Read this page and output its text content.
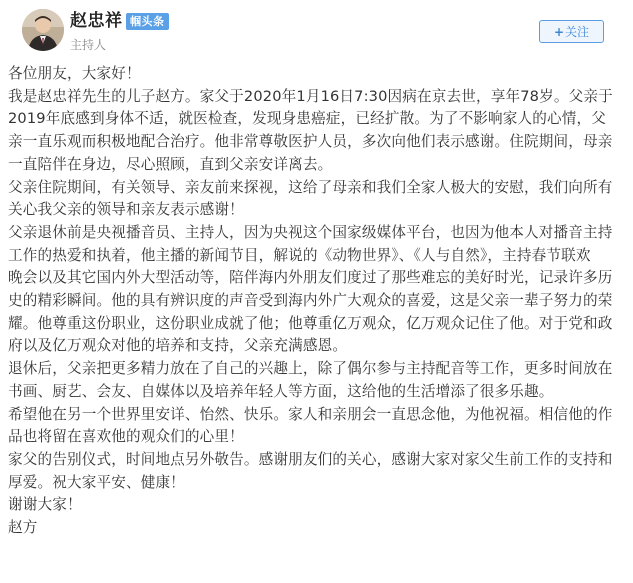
赵忠祥 帼头条
主持人
+关注

各位朋友，大家好！

我是赵忠祥先生的儿子赵方。家父于2020年1月16日7:30因病在京去世，享年78岁。父亲于

2019年底感到身体不适，就医检查，发现身患癌症，已经扩散。为了不影响家人的心情，父

亲一直乐观而积极地配合治疗。他非常尊敬医护人员，多次向他们表示感谢。住院期间，母亲

一直陪伴在身边，尽心照顾，直到父亲安详离去。

父亲住院期间，有关领导、亲友前来探视，这给了母亲和我们全家人极大的安慰，我们向所有

关心我父亲的领导和亲友表示感谢！

父亲退休前是央视播音员、主持人，因为央视这个国家级媒体平台，也因为他本人对播音主持

工作的热爱和执着，他主播的新闻节目，解说的《动物世界》、《人与自然》，主持春节联欢

晚会以及其它国内外大型活动等，陪伴海内外朋友们度过了那些难忘的美好时光，记录许多历

史的精彩瞬间。他的具有辨识度的声音受到海内外广大观众的喜爱，这是父亲一辈子努力的荣

耀。他尊重这份职业，这份职业成就了他；他尊重亿万观众，亿万观众记住了他。对于党和政

府以及亿万观众对他的培养和支持，父亲充满感恩。

退休后，父亲把更多精力放在了自己的兴趣上，除了偶尔参与主持配音等工作，更多时间放在

书画、厨艺、会友、自媒体以及培养年轻人等方面，这给他的生活增添了很多乐趣。

希望他在另一个世界里安详、怡然、快乐。家人和亲朋会一直思念他，为他祝福。相信他的作

品也将留在喜欢他的观众们的心里！

家父的告别仪式，时间地点另外敬告。感谢朋友们的关心，感谢大家对家父生前工作的支持和

厚爱。祝大家平安、健康！

谢谢大家！

赵方
